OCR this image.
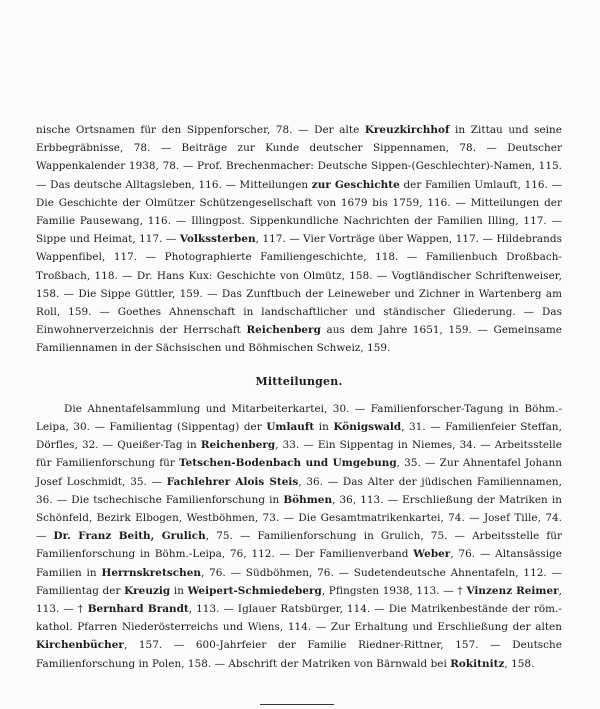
nische Ortsnamen für den Sippenforscher, 78. — Der alte Kreuzkirchhof in Zittau und seine Erbbegräbnisse, 78. — Beiträge zur Kunde deutscher Sippennamen, 78. — Deutscher Wappenkalender 1938, 78. — Prof. Brechenmacher: Deutsche Sippen-(Geschlechter)-Namen, 115. — Das deutsche Alltagsleben, 116. — Mitteilungen zur Geschichte der Familien Umlauft, 116. — Die Geschichte der Olmützer Schützengesellschaft von 1679 bis 1759, 116. — Mitteilungen der Familie Pausewang, 116. — Illingpost. Sippenkundliche Nachrichten der Familien Illing, 117. — Sippe und Heimat, 117. — Volkssterben, 117. — Vier Vorträge über Wappen, 117. — Hildebrands Wappenfibel, 117. — Photographierte Familiengeschichte, 118. — Familienbuch Droßbach-Troßbach, 118. — Dr. Hans Kux: Geschichte von Olmütz, 158. — Vogtländischer Schriftenweiser, 158. — Die Sippe Güttler, 159. — Das Zunftbuch der Leineweber und Zichner in Wartenberg am Roll, 159. — Goethes Ahnenschaft in landschaftlicher und ständischer Gliederung. — Das Einwohnerverzeichnis der Herrschaft Reichenberg aus dem Jahre 1651, 159. — Gemeinsame Familiennamen in der Sächsischen und Böhmischen Schweiz, 159.

Mitteilungen.

Die Ahnentafelsammlung und Mitarbeiterkartei, 30. — Familienforscher-Tagung in Böhm.-Leipa, 30. — Familientag (Sippentag) der Umlauft in Königswald, 31. — Familienfeier Steffan, Dörfles, 32. — Queißer-Tag in Reichenberg, 33. — Ein Sippentag in Niemes, 34. — Arbeitsstelle für Familienforschung für Tetschen-Bodenbach und Umgebung, 35. — Zur Ahnentafel Johann Josef Loschmidt, 35. — Fachlehrer Alois Steis, 36. — Das Alter der jüdischen Familiennamen, 36. — Die tschechische Familienforschung in Böhmen, 36, 113. — Erschließung der Matriken in Schönfeld, Bezirk Elbogen, Westböhmen, 73. — Die Gesamtmatrikenkartei, 74. — Josef Tille, 74. — Dr. Franz Beith, Grulich, 75. — Familienforschung in Grulich, 75. — Arbeitsstelle für Familienforschung in Böhm.-Leipa, 76, 112. — Der Familienverband Weber, 76. — Altansässige Familien in Herrnskretschen, 76. — Südböhmen, 76. — Sudetendeutsche Ahnentafeln, 112. — Familientag der Kreuzig in Weipert-Schmiedeberg, Pfingsten 1938, 113. — † Vinzenz Reimer, 113. — † Bernhard Brandt, 113. — Iglauer Ratsbürger, 114. — Die Matrikenbestände der röm.-kathol. Pfarren Niederösterreichs und Wiens, 114. — Zur Erhaltung und Erschließung der alten Kirchenbücher, 157. — 600-Jahrfeier der Familie Riedner-Rittner, 157. — Deutsche Familienforschung in Polen, 158. — Abschrift der Matriken von Bärnwald bei Rokitnitz, 158.
